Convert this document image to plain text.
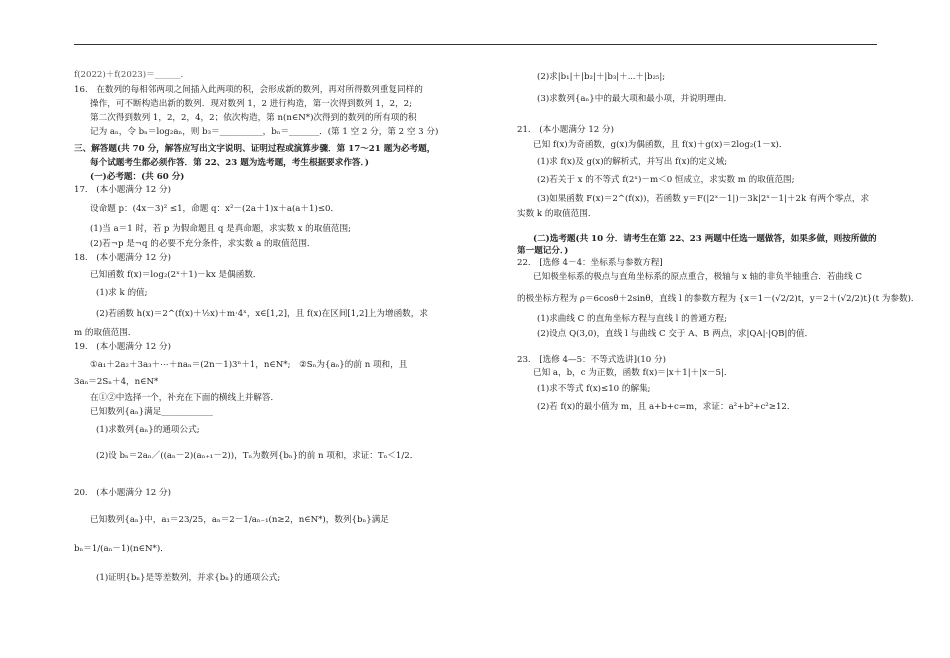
f(2022)＋f(2023)＝______．
16.　在数列的每相邻两项之间插入此两项的积，会形成新的数列，再对所得数列重复同样的
操作，可不断构造出新的数列．现对数列 1，2 进行构造，第一次得到数列 1，2，2;
第二次得到数列 1，2，2，4，2；依次构造，第 n(n∈N*)次得到的数列的所有项的积
记为 aₙ，令 bₙ＝log₂aₙ，则 b₃＝__________，bₙ＝_______．(第 1 空 2 分，第 2 空 3 分)
三、解答题(共 70 分，解答应写出文字说明、证明过程或演算步骤．第 17～21 题为必考题，
每个试题考生都必须作答．第 22、23 题为选考题，考生根据要求作答．)
(一)必考题：(共 60 分)
17.　(本小题满分 12 分)
设命题 p：(4x－3)² ≤1，命题 q：x²－(2a＋1)x＋a(a＋1)≤0．
(1)当 a＝1 时，若 p 为假命题且 q 是真命题，求实数 x 的取值范围;
(2)若¬p 是¬q 的必要不充分条件，求实数 a 的取值范围．
18.　(本小题满分 12 分)
已知函数 f(x)＝log₂(2ˣ＋1)－kx 是偶函数．
(1)求 k 的值;
(2)若函数 h(x)＝2^(f(x)＋½x)＋m·4ˣ，x∈[1,2]，且 f(x)在区间[1,2]上为增函数，求
m 的取值范围．
19.　(本小题满分 12 分)
①a₁＋2a₂＋3a₃＋⋯＋naₙ＝(2n－1)3ⁿ＋1，n∈N*;　②Sₙ为{aₙ}的前 n 项和，且
3aₙ＝2Sₙ＋4，n∈N*
在①②中选择一个，补充在下面的横线上并解答．
已知数列{aₙ}满足____________
(1)求数列{aₙ}的通项公式;
(2)设 bₙ＝2aₙ／((aₙ－2)(aₙ₊₁－2))，Tₙ为数列{bₙ}的前 n 项和，求证：Tₙ＜1/2．
20.　(本小题满分 12 分)
已知数列{aₙ}中，a₁＝23/25，aₙ＝2－1/aₙ₋₁(n≥2，n∈N*)，数列{bₙ}满足
bₙ＝1/(aₙ－1)(n∈N*)．
(1)证明{bₙ}是等差数列，并求{bₙ}的通项公式;
(2)求|b₁|＋|b₂|＋|b₃|＋⋯＋|b₂₅|;
(3)求数列{aₙ}中的最大项和最小项，并说明理由．
21.　(本小题满分 12 分)
已知 f(x)为奇函数，g(x)为偶函数，且 f(x)＋g(x)＝2log₂(1－x)．
(1)求 f(x)及 g(x)的解析式，并写出 f(x)的定义域;
(2)若关于 x 的不等式 f(2ˣ)－m＜0 恒成立，求实数 m 的取值范围;
(3)如果函数 F(x)＝2^(f(x))，若函数 y＝F(|2ˣ－1|)－3k|2ˣ－1|＋2k 有两个零点，求
实数 k 的取值范围．
(二)选考题(共 10 分．请考生在第 22、23 两题中任选一题做答，如果多做，则按所做的
第一题记分．)
22.　[选修 4－4：坐标系与参数方程]
已知极坐标系的极点与直角坐标系的原点重合，极轴与 x 轴的非负半轴重合．若曲线 C
的极坐标方程为 ρ＝6cosθ＋2sinθ，直线 l 的参数方程为 {x＝1－(√2/2)t，y＝2＋(√2/2)t}(t 为参数)．
(1)求曲线 C 的直角坐标方程与直线 l 的普通方程;
(2)设点 Q(3,0)，直线 l 与曲线 C 交于 A、B 两点，求|QA|·|QB|的值．
23.　[选修 4—5：不等式选讲](10 分)
已知 a，b，c 为正数，函数 f(x)＝|x＋1|＋|x－5|．
(1)求不等式 f(x)≤10 的解集;
(2)若 f(x)的最小值为 m，且 a+b+c=m，求证：a²+b²+c²≥12．
